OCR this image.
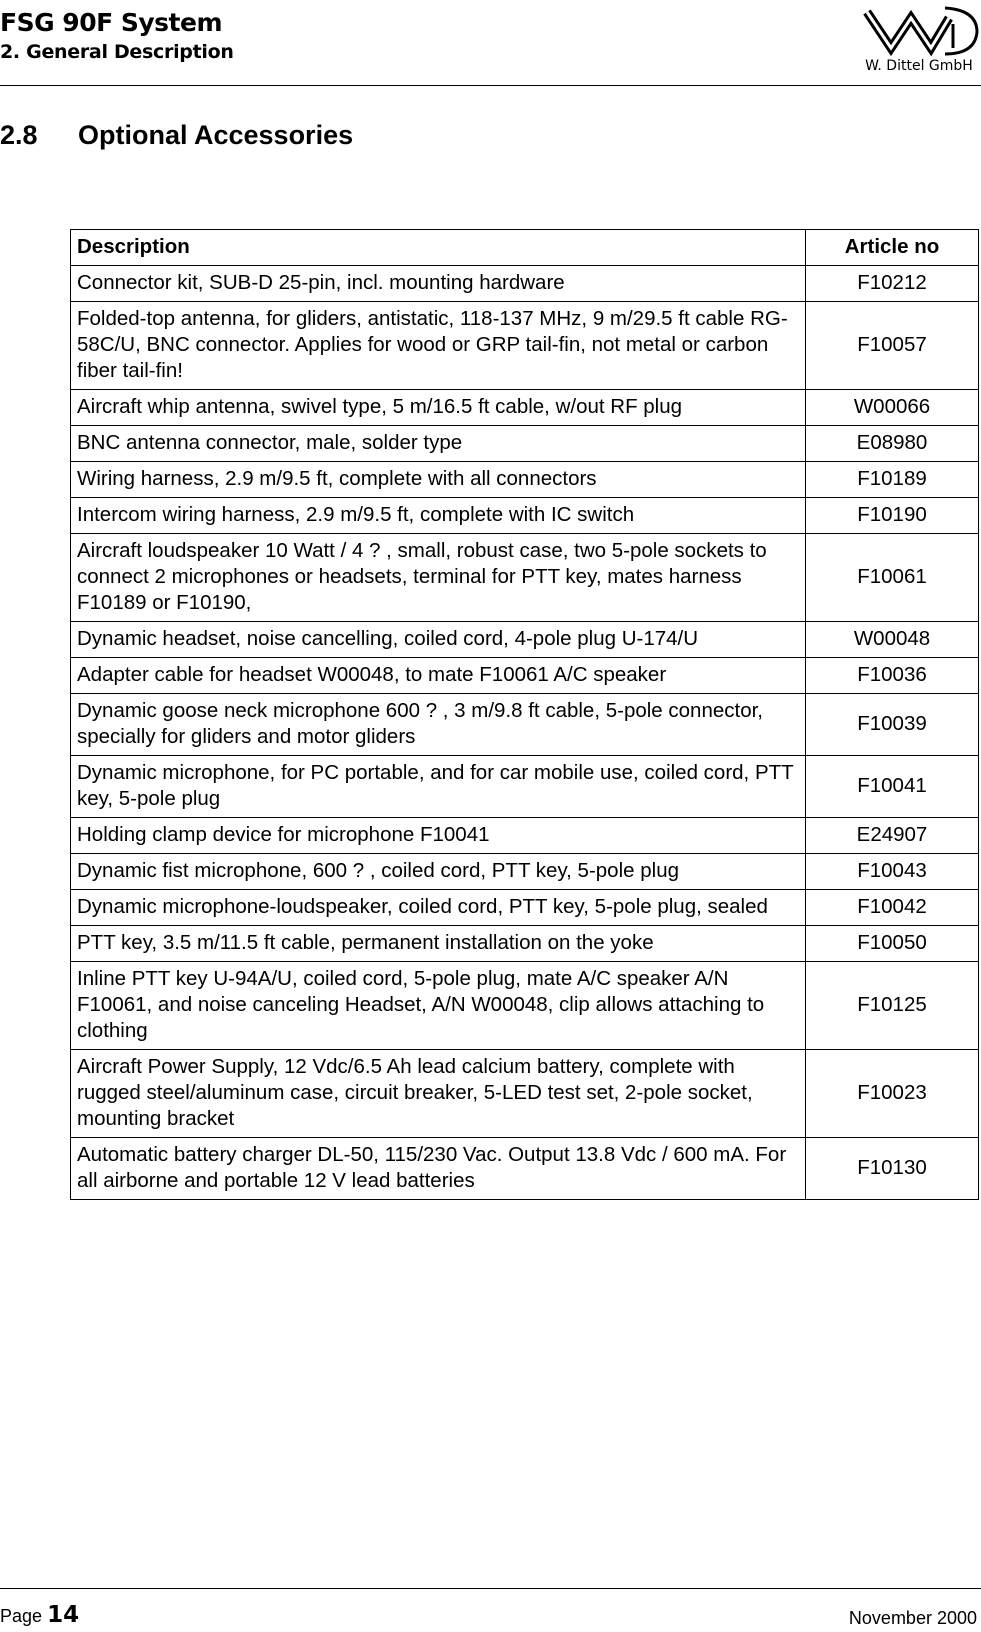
FSG 90F System
2. General Description
W. Dittel GmbH
2.8 Optional Accessories
Description	Article no
Connector kit, SUB-D 25-pin, incl. mounting hardware	F10212
Folded-top antenna, for gliders, antistatic, 118-137 MHz, 9 m/29.5 ft cable RG-58C/U, BNC connector. Applies for wood or GRP tail-fin, not metal or carbon fiber tail-fin!	F10057
Aircraft whip antenna, swivel type, 5 m/16.5 ft cable, w/out RF plug	W00066
BNC antenna connector, male, solder type	E08980
Wiring harness, 2.9 m/9.5 ft, complete with all connectors	F10189
Intercom wiring harness, 2.9 m/9.5 ft, complete with IC switch	F10190
Aircraft loudspeaker 10 Watt / 4 ? , small, robust case, two 5-pole sockets to connect 2 microphones or headsets, terminal for PTT key, mates harness F10189 or F10190,	F10061
Dynamic headset, noise cancelling, coiled cord, 4-pole plug U-174/U	W00048
Adapter cable for headset W00048, to mate F10061 A/C speaker	F10036
Dynamic goose neck microphone 600 ? , 3 m/9.8 ft cable, 5-pole connector, specially for gliders and motor gliders	F10039
Dynamic microphone, for PC portable, and for car mobile use, coiled cord, PTT key, 5-pole plug	F10041
Holding clamp device for microphone F10041	E24907
Dynamic fist microphone, 600 ? , coiled cord, PTT key, 5-pole plug	F10043
Dynamic microphone-loudspeaker, coiled cord, PTT key, 5-pole plug, sealed	F10042
PTT key, 3.5 m/11.5 ft cable, permanent installation on the yoke	F10050
Inline PTT key U-94A/U, coiled cord, 5-pole plug, mate A/C speaker A/N F10061, and noise canceling Headset, A/N W00048, clip allows attaching to clothing	F10125
Aircraft Power Supply, 12 Vdc/6.5 Ah lead calcium battery, complete with rugged steel/aluminum case, circuit breaker, 5-LED test set, 2-pole socket, mounting bracket	F10023
Automatic battery charger DL-50, 115/230 Vac. Output 13.8 Vdc / 600 mA. For all airborne and portable 12 V lead batteries	F10130
Page 14	November 2000
